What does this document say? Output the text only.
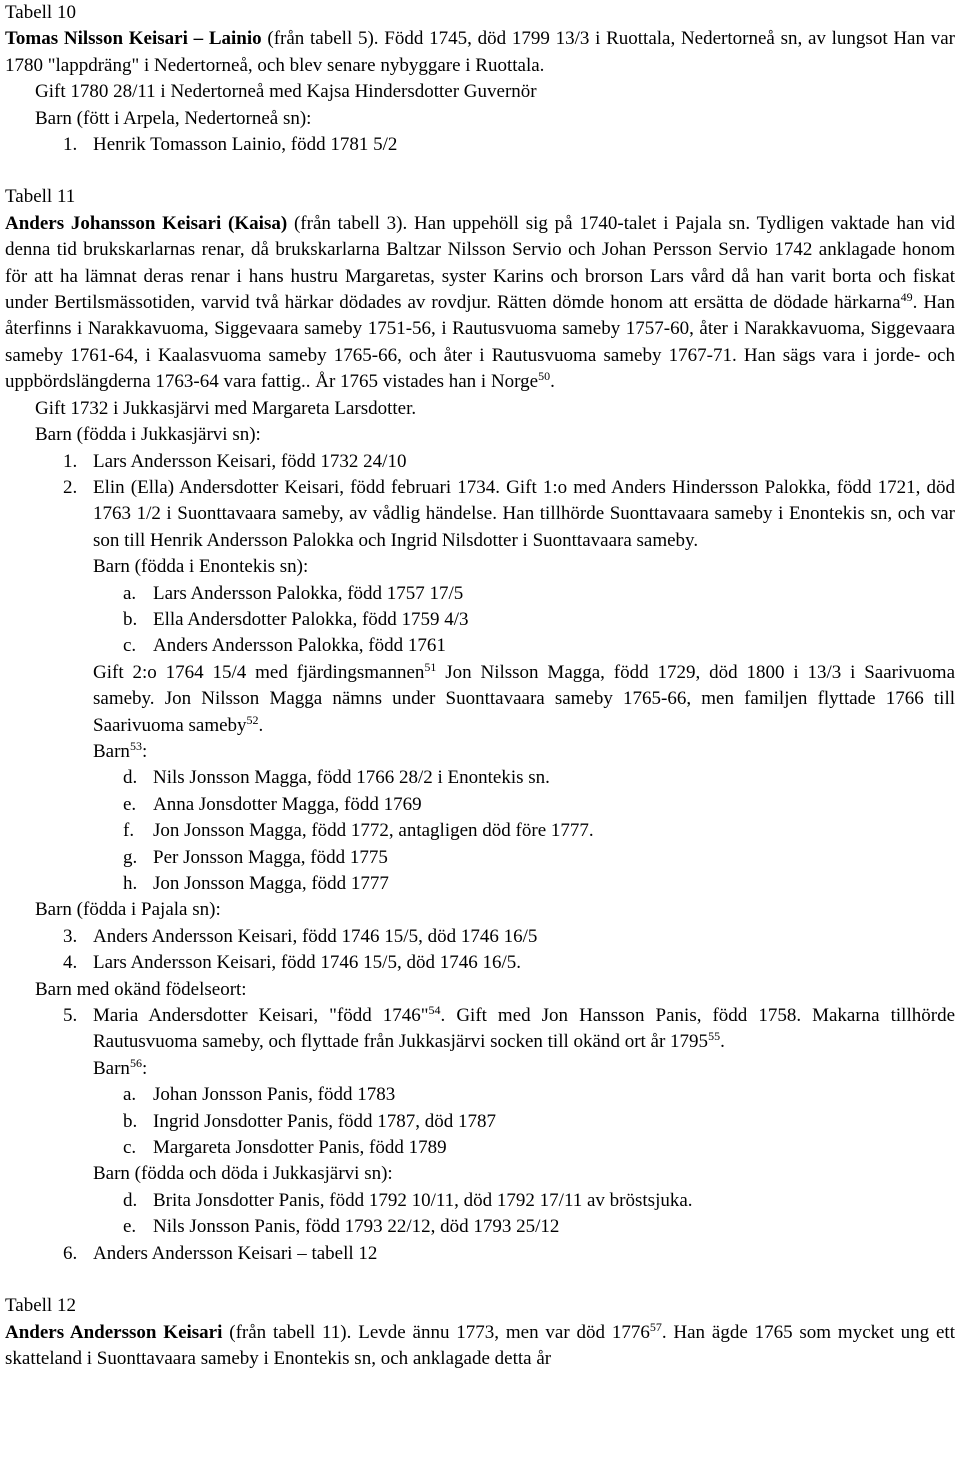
Tabell 10

Tomas Nilsson Keisari – Lainio (från tabell 5). Född 1745, död 1799 13/3 i Ruottala, Nedertorneå sn, av lungsot Han var 1780 "lappdräng" i Nedertorneå, och blev senare nybyggare i Ruottala.

Gift 1780 28/11 i Nedertorneå med Kajsa Hindersdotter Guvernör

Barn (fött i Arpela, Nedertorneå sn):

1. Henrik Tomasson Lainio, född 1781 5/2

Tabell 11

Anders Johansson Keisari (Kaisa) (från tabell 3). Han uppehöll sig på 1740-talet i Pajala sn. Tydligen vaktade han vid denna tid brukskarlarnas renar, då brukskarlarna Baltzar Nilsson Servio och Johan Persson Servio 1742 anklagade honom för att ha lämnat deras renar i hans hustru Margaretas, syster Karins och brorson Lars vård då han varit borta och fiskat under Bertilsmässotiden, varvid två härkar dödades av rovdjur. Rätten dömde honom att ersätta de dödade härkarna$^{49}$. Han återfinns i Narakkavuoma, Siggevaara sameby 1751-56, i Rautusvuoma sameby 1757-60, åter i Narakkavuoma, Siggevaara sameby 1761-64, i Kaalasvuoma sameby 1765-66, och åter i Rautusvuoma sameby 1767-71. Han sägs vara i jorde- och uppbördslängderna 1763-64 vara fattig.. År 1765 vistades han i Norge$^{50}$.

Gift 1732 i Jukkasjärvi med Margareta Larsdotter.

Barn (födda i Jukkasjärvi sn):

1. Lars Andersson Keisari, född 1732 24/10

2. Elin (Ella) Andersdotter Keisari, född februari 1734. Gift 1:o med Anders Hindersson Palokka, född 1721, död 1763 1/2 i Suonttavaara sameby, av vådlig händelse. Han tillhörde Suonttavaara sameby i Enontekis sn, och var son till Henrik Andersson Palokka och Ingrid Nilsdotter i Suonttavaara sameby.

Barn (födda i Enontekis sn):

a. Lars Andersson Palokka, född 1757 17/5

b. Ella Andersdotter Palokka, född 1759 4/3

c. Anders Andersson Palokka, född 1761

Gift 2:o 1764 15/4 med fjärdingsmannen$^{51}$ Jon Nilsson Magga, född 1729, död 1800 i 13/3 i Saarivuoma sameby. Jon Nilsson Magga nämns under Suonttavaara sameby 1765-66, men familjen flyttade 1766 till Saarivuoma sameby$^{52}$.

Barn$^{53}$:

d. Nils Jonsson Magga, född 1766 28/2 i Enontekis sn.

e. Anna Jonsdotter Magga, född 1769

f. Jon Jonsson Magga, född 1772, antagligen död före 1777.

g. Per Jonsson Magga, född 1775

h. Jon Jonsson Magga, född 1777

Barn (födda i Pajala sn):

3. Anders Andersson Keisari, född 1746 15/5, död 1746 16/5

4. Lars Andersson Keisari, född 1746 15/5, död 1746 16/5.

Barn med okänd födelseort:

5. Maria Andersdotter Keisari, "född 1746"$^{54}$. Gift med Jon Hansson Panis, född 1758. Makarna tillhörde Rautusvuoma sameby, och flyttade från Jukkasjärvi socken till okänd ort år 1795$^{55}$.

Barn$^{56}$:

a. Johan Jonsson Panis, född 1783

b. Ingrid Jonsdotter Panis, född 1787, död 1787

c. Margareta Jonsdotter Panis, född 1789

Barn (födda och döda i Jukkasjärvi sn):

d. Brita Jonsdotter Panis, född 1792 10/11, död 1792 17/11 av bröstsjuka.

e. Nils Jonsson Panis, född 1793 22/12, död 1793 25/12

6. Anders Andersson Keisari – tabell 12

Tabell 12

Anders Andersson Keisari (från tabell 11). Levde ännu 1773, men var död 1776$^{57}$. Han ägde 1765 som mycket ung ett skatteland i Suonttavaara sameby i Enontekis sn, och anklagade detta år
